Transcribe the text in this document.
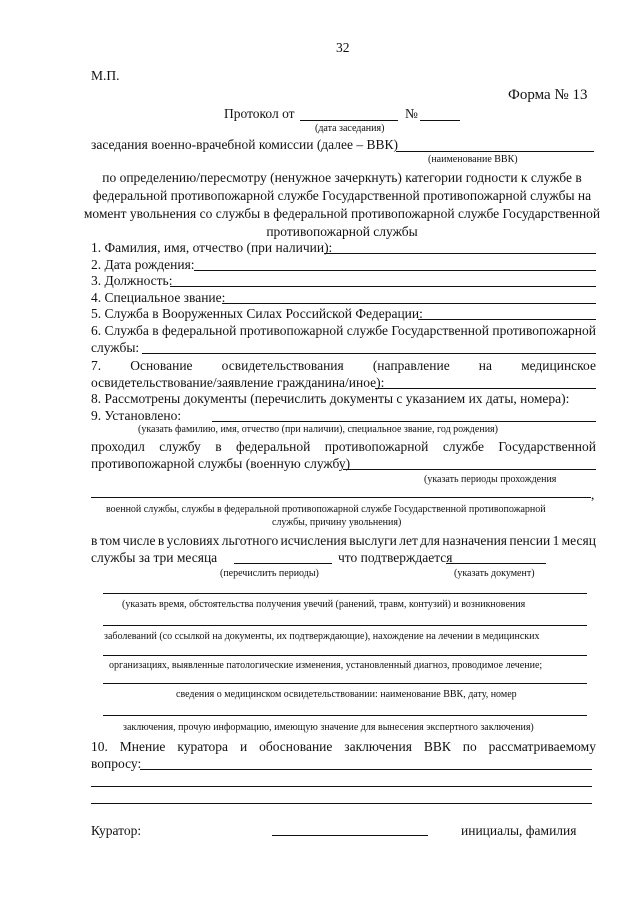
32
М.П.
Форма № 13
Протокол от	№
(дата заседания)
заседания военно-врачебной комиссии (далее – ВВК)
(наименование ВВК)
по определению/пересмотру (ненужное зачеркнуть) категории годности к службе в
федеральной противопожарной службе Государственной противопожарной службы на
момент увольнения со службы в федеральной противопожарной службе Государственной
противопожарной службы
1. Фамилия, имя, отчество (при наличии):
2. Дата рождения:
3. Должность:
4. Специальное звание:
5. Служба в Вооруженных Силах Российской Федерации:
6. Служба в федеральной противопожарной службе Государственной противопожарной
службы:
7. Основание освидетельствования (направление на медицинское
освидетельствование/заявление гражданина/иное):
8. Рассмотрены документы (перечислить документы с указанием их даты, номера):
9. Установлено:
(указать фамилию, имя, отчество (при наличии), специальное звание, год рождения)
проходил службу в федеральной противопожарной службе Государственной
противопожарной службы (военную службу)
(указать периоды прохождения
,
военной службы, службы в федеральной противопожарной службе Государственной противопожарной
службы, причину увольнения)
в том числе в условиях льготного исчисления выслуги лет для назначения пенсии 1 месяц
службы за три месяца	что подтверждается
(перечислить периоды)	(указать документ)
(указать время, обстоятельства получения увечий (ранений, травм, контузий) и возникновения
заболеваний (со ссылкой на документы, их подтверждающие), нахождение на лечении в медицинских
организациях, выявленные патологические изменения, установленный диагноз, проводимое лечение;
сведения о медицинском освидетельствовании: наименование ВВК, дату, номер
заключения, прочую информацию, имеющую значение для вынесения экспертного заключения)
10. Мнение куратора и обоснование заключения ВВК по рассматриваемому
вопросу:
Куратор:	инициалы, фамилия
